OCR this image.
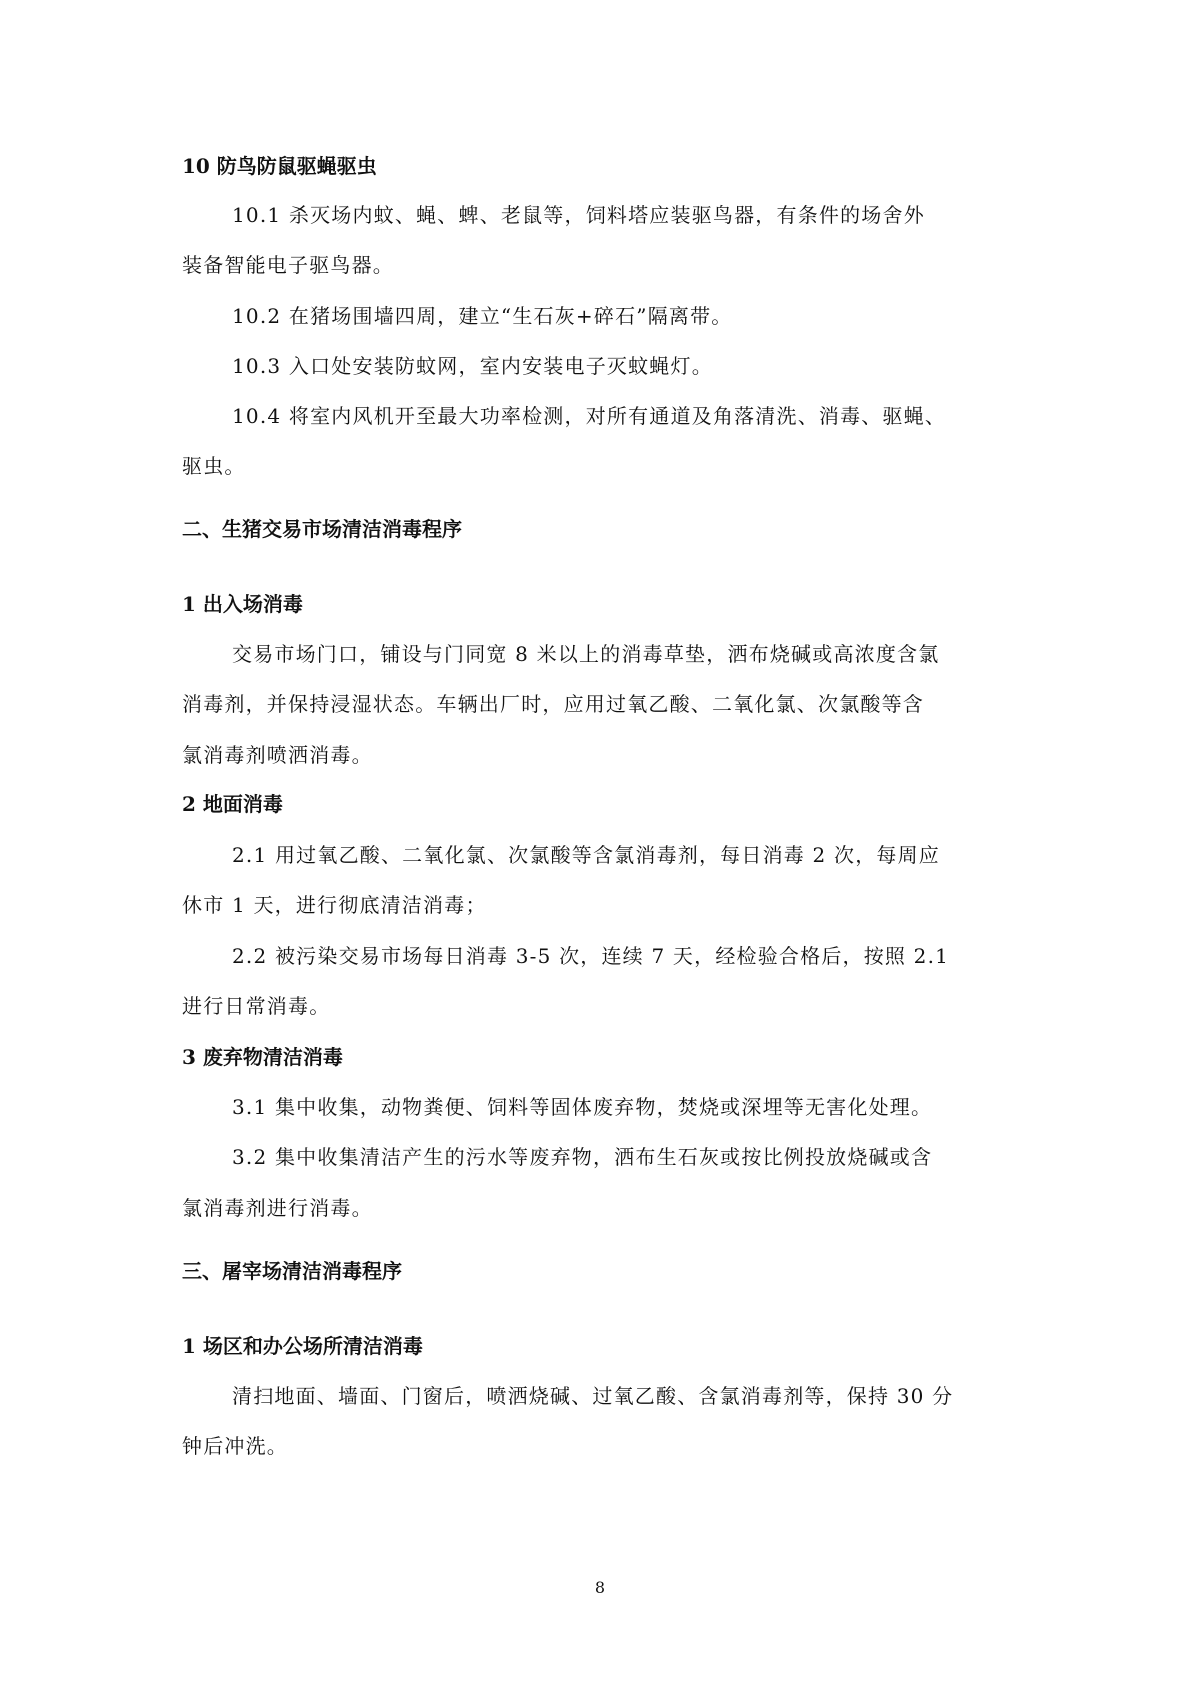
10 防鸟防鼠驱蝇驱虫
10.1 杀灭场内蚊、蝇、蜱、老鼠等，饲料塔应装驱鸟器，有条件的场舍外
装备智能电子驱鸟器。
10.2 在猪场围墙四周，建立“生石灰+碎石”隔离带。
10.3 入口处安装防蚊网，室内安装电子灭蚊蝇灯。
10.4 将室内风机开至最大功率检测，对所有通道及角落清洗、消毒、驱蝇、
驱虫。
二、生猪交易市场清洁消毒程序
1 出入场消毒
交易市场门口，铺设与门同宽 8 米以上的消毒草垫，洒布烧碱或高浓度含氯
消毒剂，并保持浸湿状态。车辆出厂时，应用过氧乙酸、二氧化氯、次氯酸等含
氯消毒剂喷洒消毒。
2 地面消毒
2.1 用过氧乙酸、二氧化氯、次氯酸等含氯消毒剂，每日消毒 2 次，每周应
休市 1 天，进行彻底清洁消毒；
2.2 被污染交易市场每日消毒 3-5 次，连续 7 天，经检验合格后，按照 2.1
进行日常消毒。
3 废弃物清洁消毒
3.1 集中收集，动物粪便、饲料等固体废弃物，焚烧或深埋等无害化处理。
3.2 集中收集清洁产生的污水等废弃物，洒布生石灰或按比例投放烧碱或含
氯消毒剂进行消毒。
三、屠宰场清洁消毒程序
1 场区和办公场所清洁消毒
清扫地面、墙面、门窗后，喷洒烧碱、过氧乙酸、含氯消毒剂等，保持 30 分
钟后冲洗。
8
